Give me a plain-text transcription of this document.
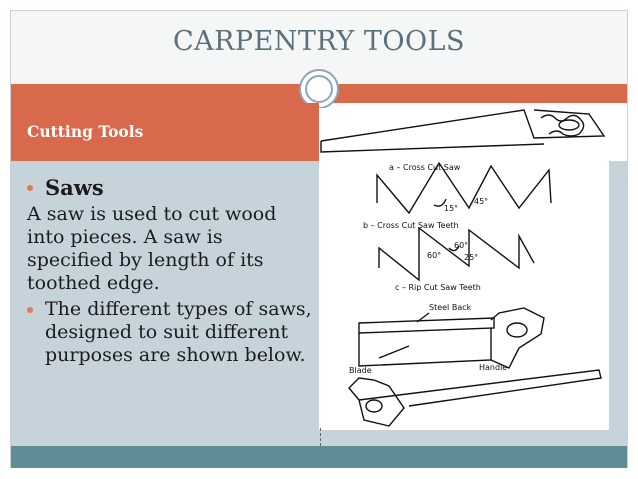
CARPENTRY TOOLS
Cutting Tools
a – Cross Cut Saw
b – Cross Cut Saw Teeth
c – Rip Cut Saw Teeth
Steel Back
Handle
Blade
15°
45°
60°
60°	25°
Saws
A saw is used to cut wood into pieces. A saw is specified by length of its toothed edge.
The different types of saws, designed to suit different purposes are shown below.
